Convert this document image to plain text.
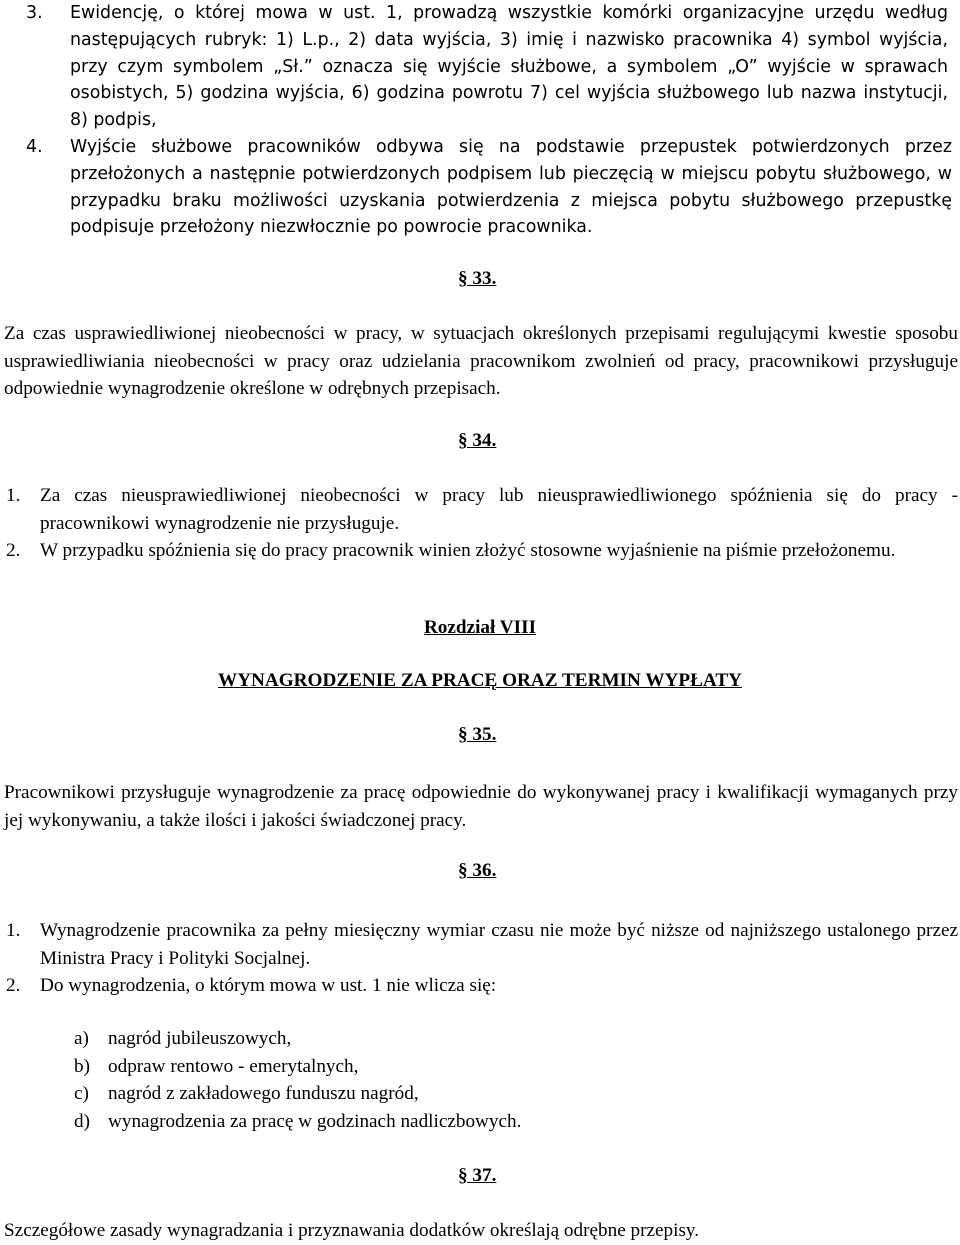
3.	Ewidencję, o której mowa w ust. 1, prowadzą wszystkie komórki organizacyjne urzędu według następujących rubryk: 1) L.p., 2) data wyjścia, 3) imię i nazwisko pracownika 4) symbol wyjścia, przy czym symbolem „Sł.” oznacza się wyjście służbowe, a symbolem „O” wyjście w sprawach osobistych, 5) godzina wyjścia, 6) godzina powrotu 7) cel wyjścia służbowego lub nazwa instytucji, 8) podpis,
4.	Wyjście służbowe pracowników odbywa się na podstawie przepustek potwierdzonych przez przełożonych a następnie potwierdzonych podpisem lub pieczęcią w miejscu pobytu służbowego, w przypadku braku możliwości uzyskania potwierdzenia z miejsca pobytu służbowego przepustkę podpisuje przełożony niezwłocznie po powrocie pracownika.
§ 33.
Za czas usprawiedliwionej nieobecności w pracy, w sytuacjach określonych przepisami regulującymi kwestie sposobu usprawiedliwiania nieobecności w pracy oraz udzielania pracownikom zwolnień od pracy, pracownikowi przysługuje odpowiednie wynagrodzenie określone w odrębnych przepisach.
§ 34.
1.	Za czas nieusprawiedliwionej nieobecności w pracy lub nieusprawiedliwionego spóźnienia się do pracy - pracownikowi wynagrodzenie nie przysługuje.
2.	W przypadku spóźnienia się do pracy pracownik winien złożyć stosowne wyjaśnienie na piśmie przełożonemu.
Rozdział VIII
WYNAGRODZENIE ZA PRACĘ ORAZ TERMIN WYPŁATY
§ 35.
Pracownikowi przysługuje wynagrodzenie za pracę odpowiednie do wykonywanej pracy i kwalifikacji wymaganych przy jej wykonywaniu, a także ilości i jakości świadczonej pracy.
§ 36.
1.	Wynagrodzenie pracownika za pełny miesięczny wymiar czasu nie może być niższe od najniższego ustalonego przez Ministra Pracy i Polityki Socjalnej.
2.	Do wynagrodzenia, o którym mowa w ust. 1 nie wlicza się:
a) nagród jubileuszowych,
b) odpraw rentowo - emerytalnych,
c) nagród z zakładowego funduszu nagród,
d) wynagrodzenia za pracę w godzinach nadliczbowych.
§ 37.
Szczegółowe zasady wynagradzania i przyznawania dodatków określają odrębne przepisy.
